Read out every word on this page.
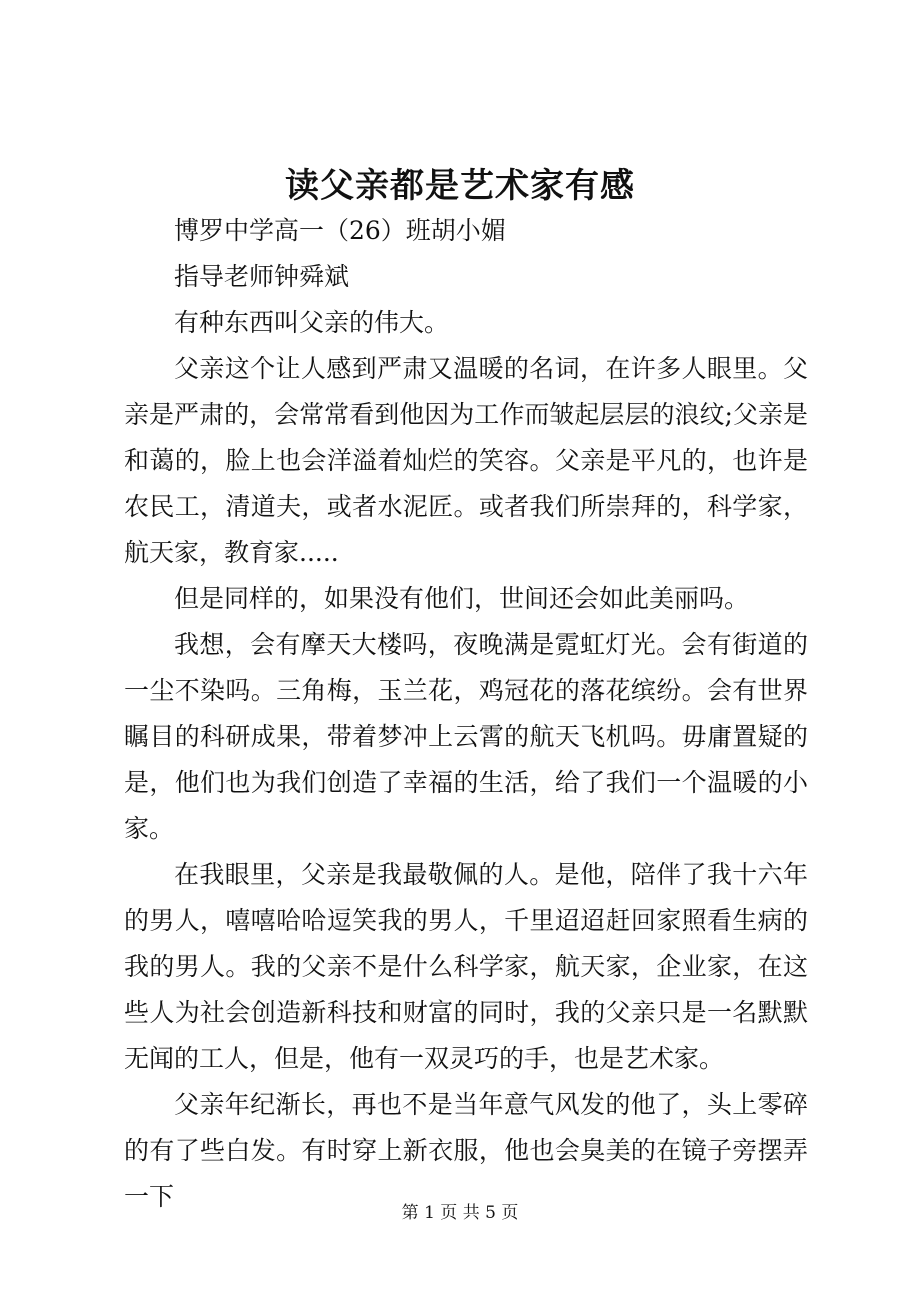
读父亲都是艺术家有感

博罗中学高一（26）班胡小媚

指导老师钟舜斌

有种东西叫父亲的伟大。

父亲这个让人感到严肃又温暖的名词，在许多人眼里。父亲是严肃的，会常常看到他因为工作而皱起层层的浪纹;父亲是和蔼的，脸上也会洋溢着灿烂的笑容。父亲是平凡的，也许是农民工，清道夫，或者水泥匠。或者我们所崇拜的，科学家，航天家，教育家.....

但是同样的，如果没有他们，世间还会如此美丽吗。

我想，会有摩天大楼吗，夜晚满是霓虹灯光。会有街道的一尘不染吗。三角梅，玉兰花，鸡冠花的落花缤纷。会有世界瞩目的科研成果，带着梦冲上云霄的航天飞机吗。毋庸置疑的是，他们也为我们创造了幸福的生活，给了我们一个温暖的小家。

在我眼里，父亲是我最敬佩的人。是他，陪伴了我十六年的男人，嘻嘻哈哈逗笑我的男人，千里迢迢赶回家照看生病的我的男人。我的父亲不是什么科学家，航天家，企业家，在这些人为社会创造新科技和财富的同时，我的父亲只是一名默默无闻的工人，但是，他有一双灵巧的手，也是艺术家。

父亲年纪渐长，再也不是当年意气风发的他了，头上零碎的有了些白发。有时穿上新衣服，他也会臭美的在镜子旁摆弄一下

第 1 页 共 5 页
